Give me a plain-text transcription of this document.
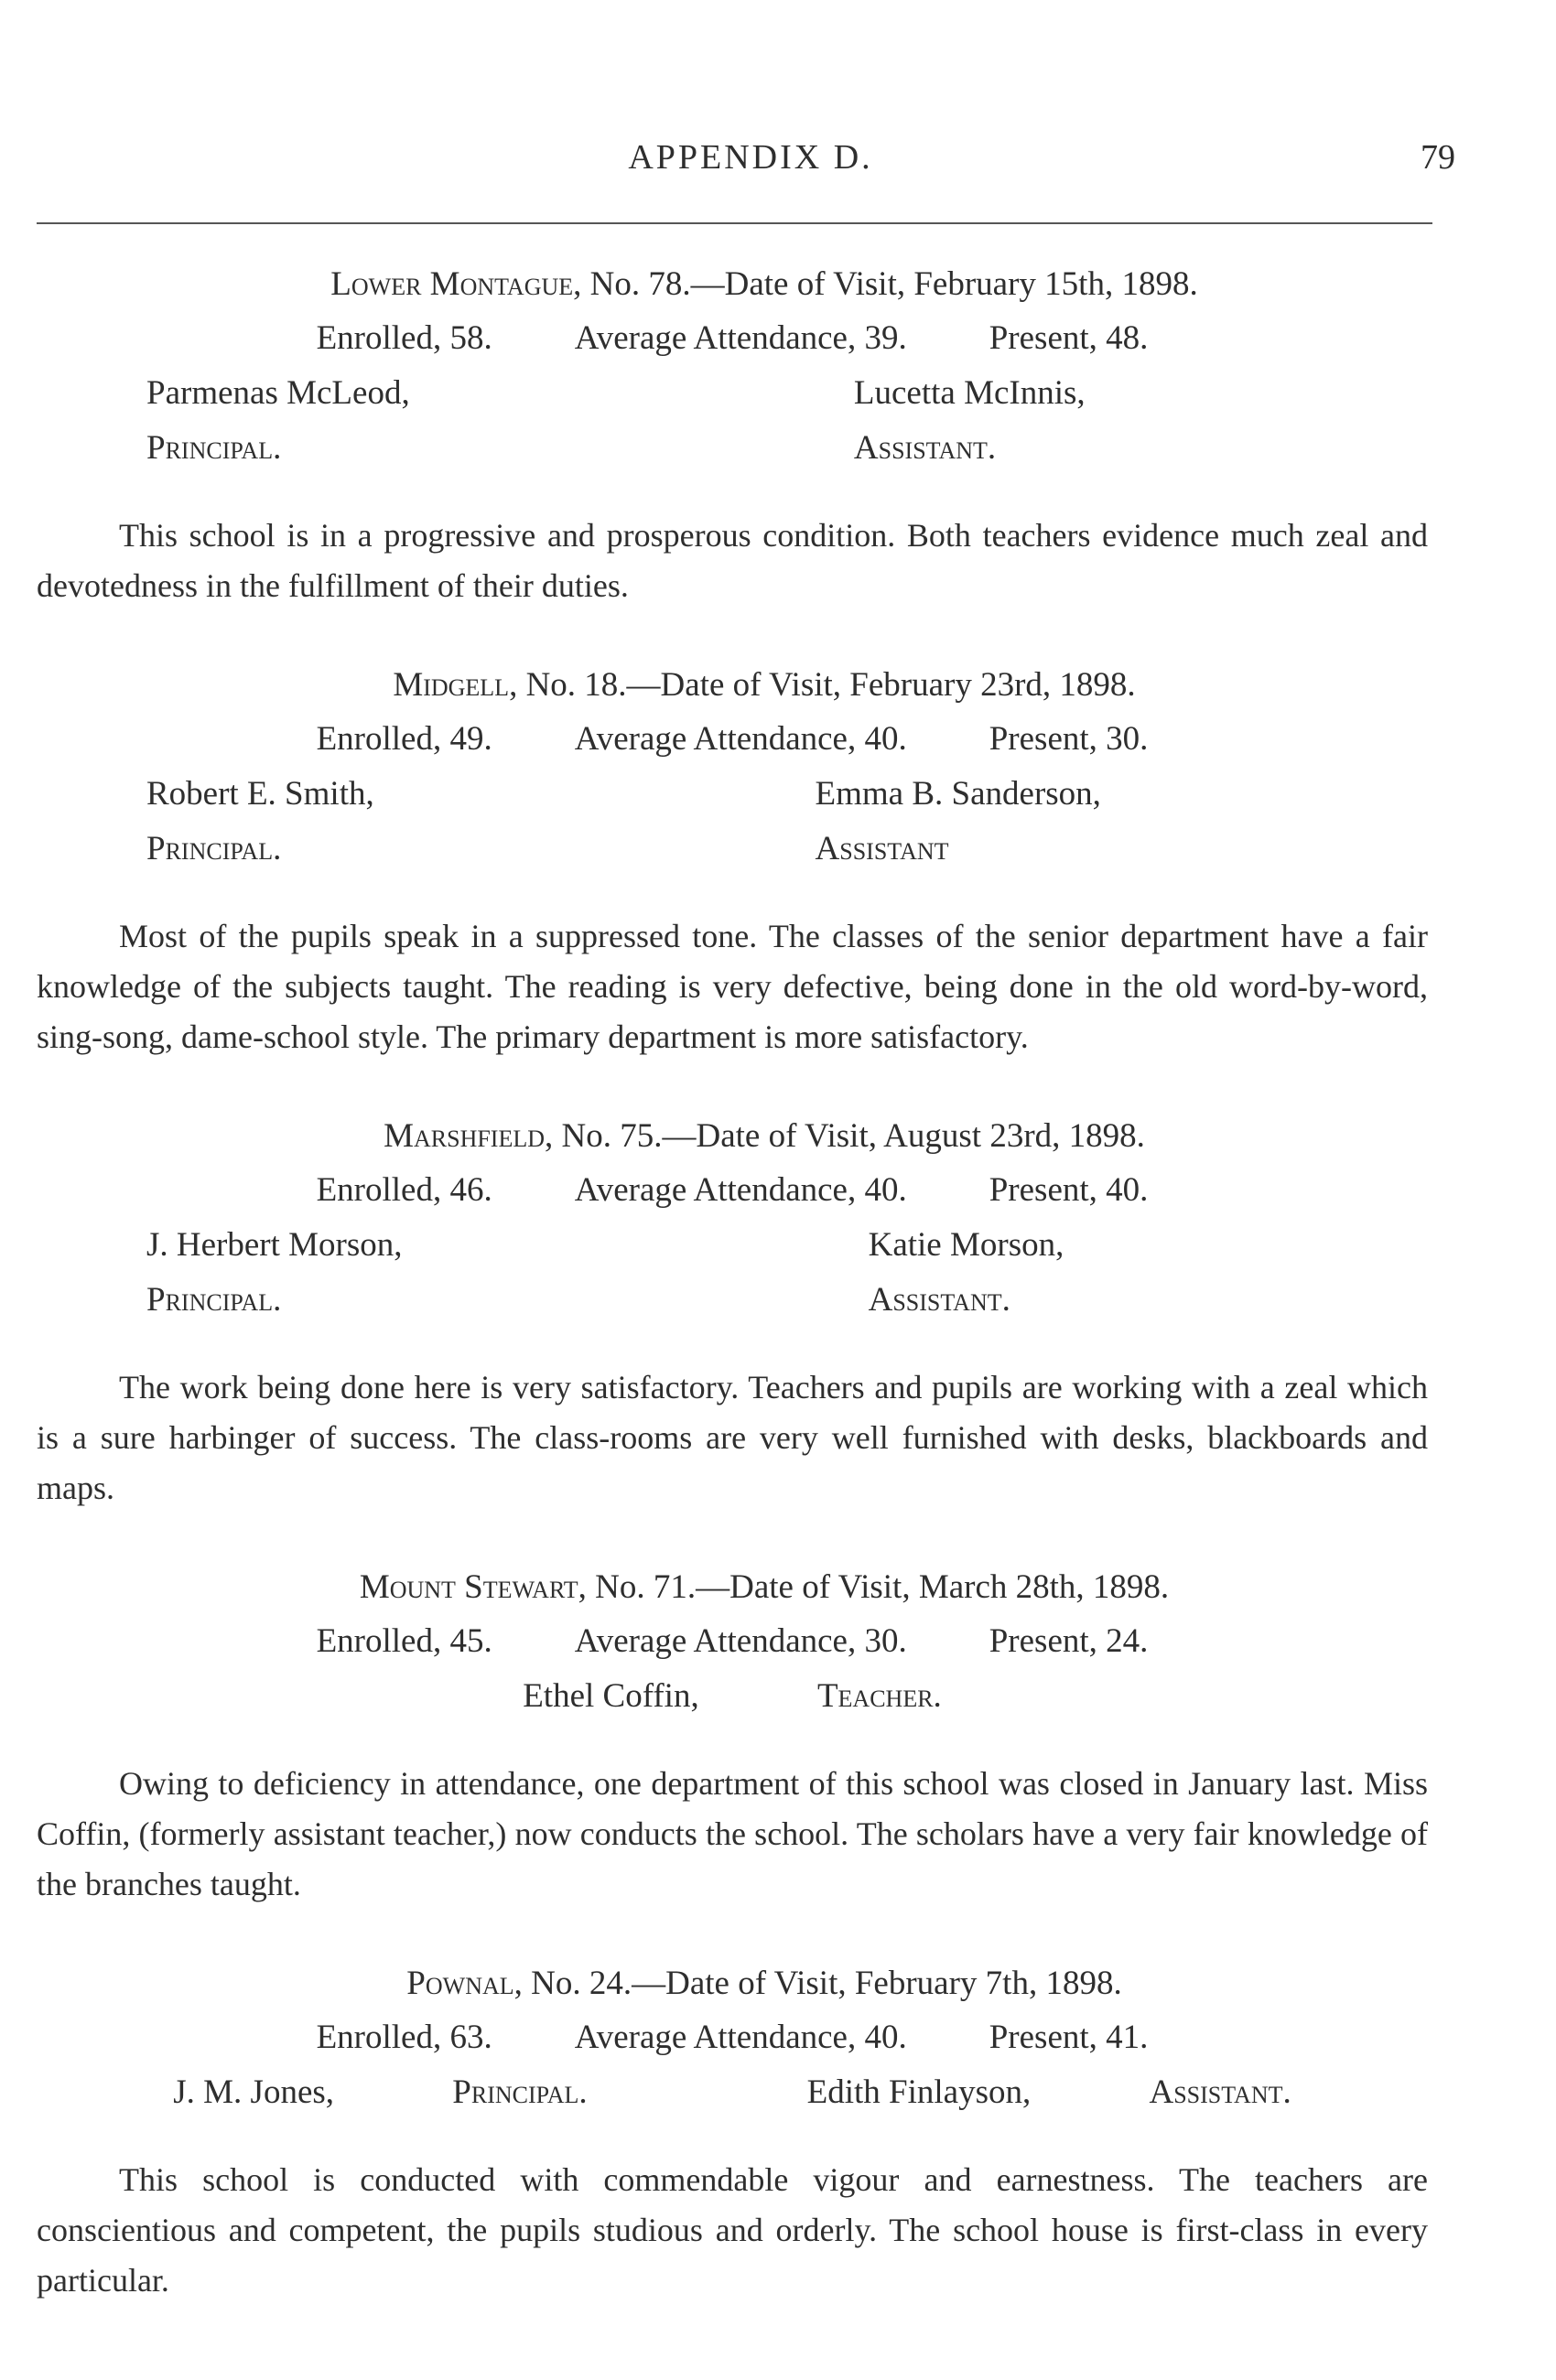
APPENDIX D.	79

Lower Montague, No. 78.—Date of Visit, February 15th, 1898.

Enrolled, 58. Average Attendance, 39. Present, 48.
Parmenas McLeod, Principal.
Lucetta McInnis, Assistant.

This school is in a progressive and prosperous condition. Both teachers evidence much zeal and devotedness in the fulfillment of their duties.

Midgell, No. 18.—Date of Visit, February 23rd, 1898.

Enrolled, 49. Average Attendance, 40. Present, 30.
Robert E. Smith, Principal.
Emma B. Sanderson, Assistant

Most of the pupils speak in a suppressed tone. The classes of the senior department have a fair knowledge of the subjects taught. The reading is very defective, being done in the old word-by-word, sing-song, dame-school style. The primary department is more satisfactory.

Marshfield, No. 75.—Date of Visit, August 23rd, 1898.

Enrolled, 46. Average Attendance, 40. Present, 40.
J. Herbert Morson, Principal.
Katie Morson, Assistant.

The work being done here is very satisfactory. Teachers and pupils are working with a zeal which is a sure harbinger of success. The class-rooms are very well furnished with desks, blackboards and maps.

Mount Stewart, No. 71.—Date of Visit, March 28th, 1898.

Enrolled, 45. Average Attendance, 30. Present, 24.
Ethel Coffin,	Teacher.

Owing to deficiency in attendance, one department of this school was closed in January last. Miss Coffin, (formerly assistant teacher,) now conducts the school. The scholars have a very fair knowledge of the branches taught.

Pownal, No. 24.—Date of Visit, February 7th, 1898.

Enrolled, 63. Average Attendance, 40. Present, 41.
J. M. Jones,	Principal.	Edith Finlayson,	Assistant.

This school is conducted with commendable vigour and earnestness. The teachers are conscientious and competent, the pupils studious and orderly. The school house is first-class in every particular.
